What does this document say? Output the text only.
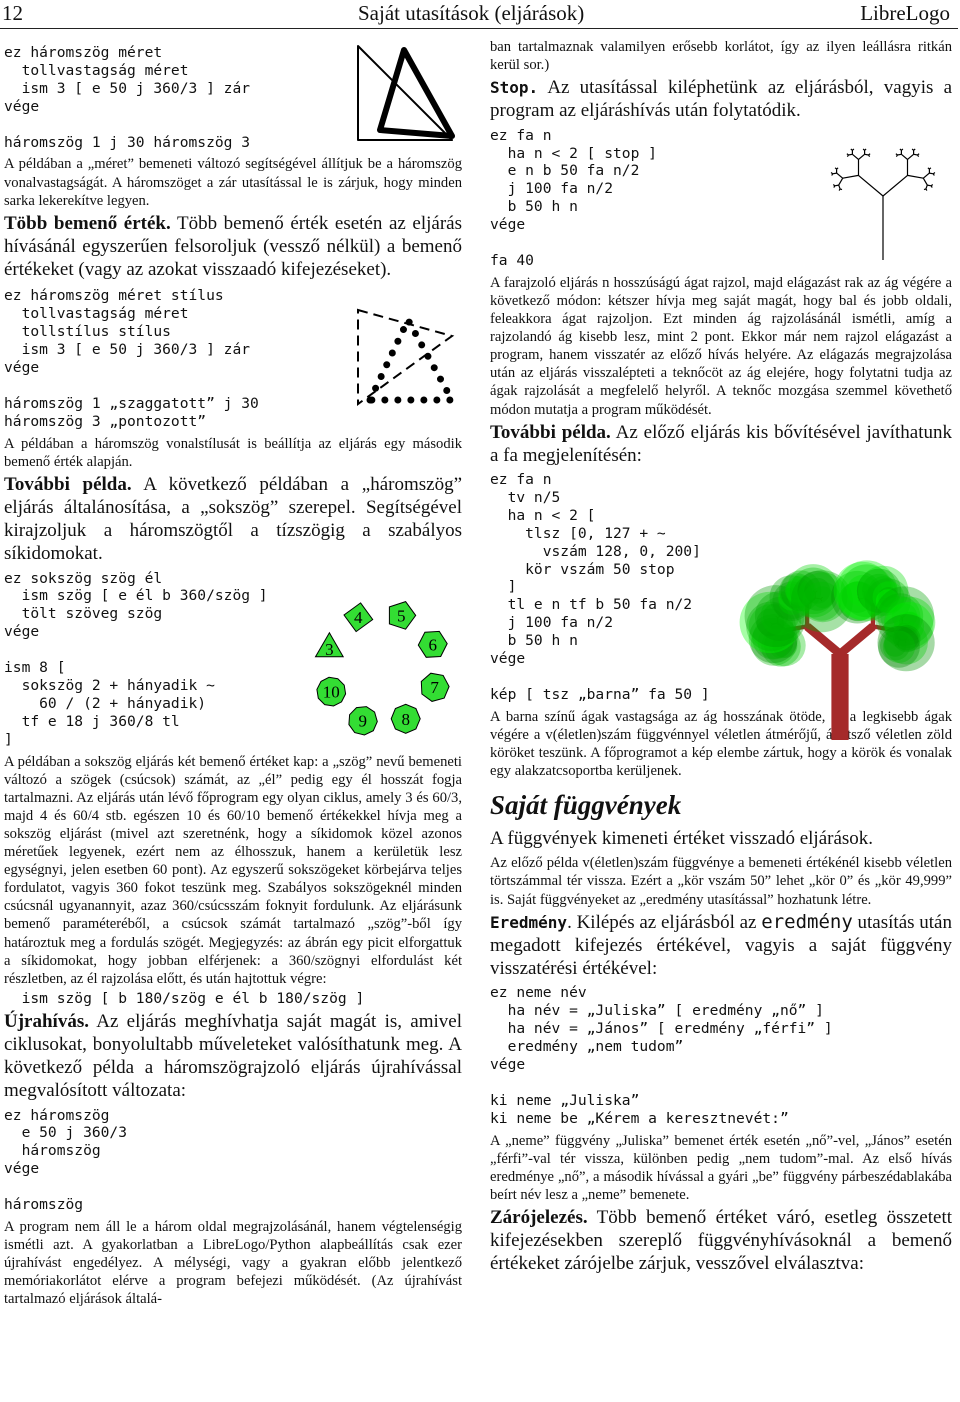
12	Saját utasítások (eljárások)	LibreLogo
ez háromszög méret
tollvastagság méret
ism 3 [ e 50 j 360/3 ] zár
vége

háromszög 1 j 30 háromszög 3

A példában a „méret” bemeneti változó segítségével állítjuk be a háromszög vonalvastagságát. A háromszöget a zár utasítással le is zárjuk, hogy minden sarka lekerekítve legyen.

Több bemenő érték. Több bemenő érték esetén az eljárás hívásánál egyszerűen felsoroljuk (vessző nélkül) a bemenő értékeket (vagy az azokat visszaadó kifejezéseket).

ez háromszög méret stílus
tollvastagság méret
tollstílus stílus
ism 3 [ e 50 j 360/3 ] zár
vége

háromszög 1 „szaggatott” j 30
háromszög 3 „pontozott”

A példában a háromszög vonalstílusát is beállítja az eljárás egy második bemenő érték alapján.

További példa. A következő példában a „háromszög” eljárás általánosítása, a „sokszög” szerepel. Segítségével kirajzoljuk a háromszögtől a tízszögig a szabályos síkidomokat.

ez sokszög szög él
ism szög [ e él b 360/szög ]
tölt szöveg szög
vége

ism 8 [
sokszög 2 + hányadik ~
60 / (2 + hányadik)
tf e 18 j 360/8 tl
]

A példában a sokszög eljárás két bemenő értéket kap: a „szög” nevű bemeneti változó a szögek (csúcsok) számát, az „él” pedig egy él hosszát fogja tartalmazni. Az eljárás után lévő főprogram egy olyan ciklus, amely 3 és 60/3, majd 4 és 60/4 stb. egészen 10 és 60/10 bemenő értékekkel hívja meg a sokszög eljárást (mivel azt szeretnénk, hogy a síkidomok közel azonos méretűek legyenek, ezért nem az élhosszuk, hanem a kerületük lesz egységnyi, jelen esetben 60 pont). Az egyszerű sokszögeket körbejárva teljes fordulatot, vagyis 360 fokot teszünk meg. Szabályos sokszögeknél minden csúcsnál ugyanannyit, azaz 360/csúcsszám foknyit fordulunk. Az eljárásunk bemenő paraméteréből, a csúcsok számát tartalmazó „szög”-ből így határoztuk meg a fordulás szögét. Megjegyzés: az ábrán egy picit elforgattuk a síkidomokat, hogy jobban elférjenek: a 360/szögnyi elfordulást két részletben, az él rajzolása előtt, és után hajtottuk végre:

ism szög [ b 180/szög e él b 180/szög ]

Újrahívás. Az eljárás meghívhatja saját magát is, amivel ciklusokat, bonyolultabb műveleteket valósíthatunk meg. A következő példa a háromszögrajzoló eljárás újrahívással megvalósított változata:

ez háromszög
e 50 j 360/3
háromszög
vége

háromszög

A program nem áll le a három oldal megrajzolásánál, hanem végtelenségig ismétli azt. A gyakorlatban a LibreLogo/Python alapbeállítás csak ezer újrahívást engedélyez. A mélységi, vagy a gyakran előbb jelentkező memóriakorlátot elérve a program befejezi működését. (Az újrahívást tartalmazó eljárások általá-

3
4 5
6
7
8
9
10

ban tartalmaznak valamilyen erősebb korlátot, így az ilyen leállásra ritkán kerül sor.)

Stop. Az utasítással kiléphetünk az eljárásból, vagyis a program az eljáráshívás után folytatódik.

ez fa n
ha n < 2 [ stop ]
e n b 50 fa n/2
j 100 fa n/2
b 50 h n
vége

fa 40

A farajzoló eljárás n hosszúságú ágat rajzol, majd elágazást rak az ág végére a következő módon: kétszer hívja meg saját magát, hogy bal és jobb oldali, feleakkora ágat rajzoljon. Ezt minden ág rajzolásánál ismétli, amíg a rajzolandó ág kisebb lesz, mint 2 pont. Ekkor már nem rajzol elágazást a program, hanem visszatér az előző hívás helyére. Az elágazás megrajzolása után az eljárás visszalépteti a teknőcöt az ág elejére, hogy folytatni tudja az ágak rajzolását a megfelelő helyről. A teknőc mozgása szemmel követhető módon mutatja a program működését.

További példa. Az előző eljárás kis bővítésével javíthatunk a fa megjelenítésén:

ez fa n
tv n/5
ha n < 2 [
tlsz [0, 127 + ~
vszám 128, 0, 200]
kör vszám 50 stop
]
tl e n tf b 50 fa n/2
j 100 fa n/2
b 50 h n
vége

kép [ tsz „barna” fa 50 ]

A barna színű ágak vastagsága az ág hosszának ötöde, és a legkisebb ágak végére a v(életlen)szám függvénnyel véletlen átmérőjű, áttetsző véletlen zöld köröket teszünk. A főprogramot a kép elembe zártuk, hogy a körök és vonalak egy alakzatcsoportba kerüljenek.

Saját függvények

A függvények kimeneti értéket visszadó eljárások.

Az előző példa v(életlen)szám függvénye a bemeneti értékénél kisebb véletlen törtszámmal tér vissza. Ezért a „kör vszám 50” lehet „kör 0” és „kör 49,999” is. Saját függvényeket az „eredmény utasítással” hozhatunk létre.

Eredmény. Kilépés az eljárásból az eredmény utasítás után megadott kifejezés értékével, vagyis a saját függvény visszatérési értékével:

ez neme név
ha név = „Juliska” [ eredmény „nő” ]
ha név = „János” [ eredmény „férfi” ]
eredmény „nem tudom”
vége

ki neme „Juliska”
ki neme be „Kérem a keresztnevét:”

A „neme” függvény „Juliska” bemenet érték esetén „nő”-vel, „János” esetén „férfi”-val tér vissza, különben pedig „nem tudom”-mal. Az első hívás eredménye „nő”, a második hívással a gyári „be” függvény párbeszédablakába beírt név lesz a „neme” bemenete.

Zárójelezés. Több bemenő értéket váró, esetleg összetett kifejezésekben szereplő függvényhívásoknál a bemenő értékeket zárójelbe zárjuk, vesszővel elválasztva:
